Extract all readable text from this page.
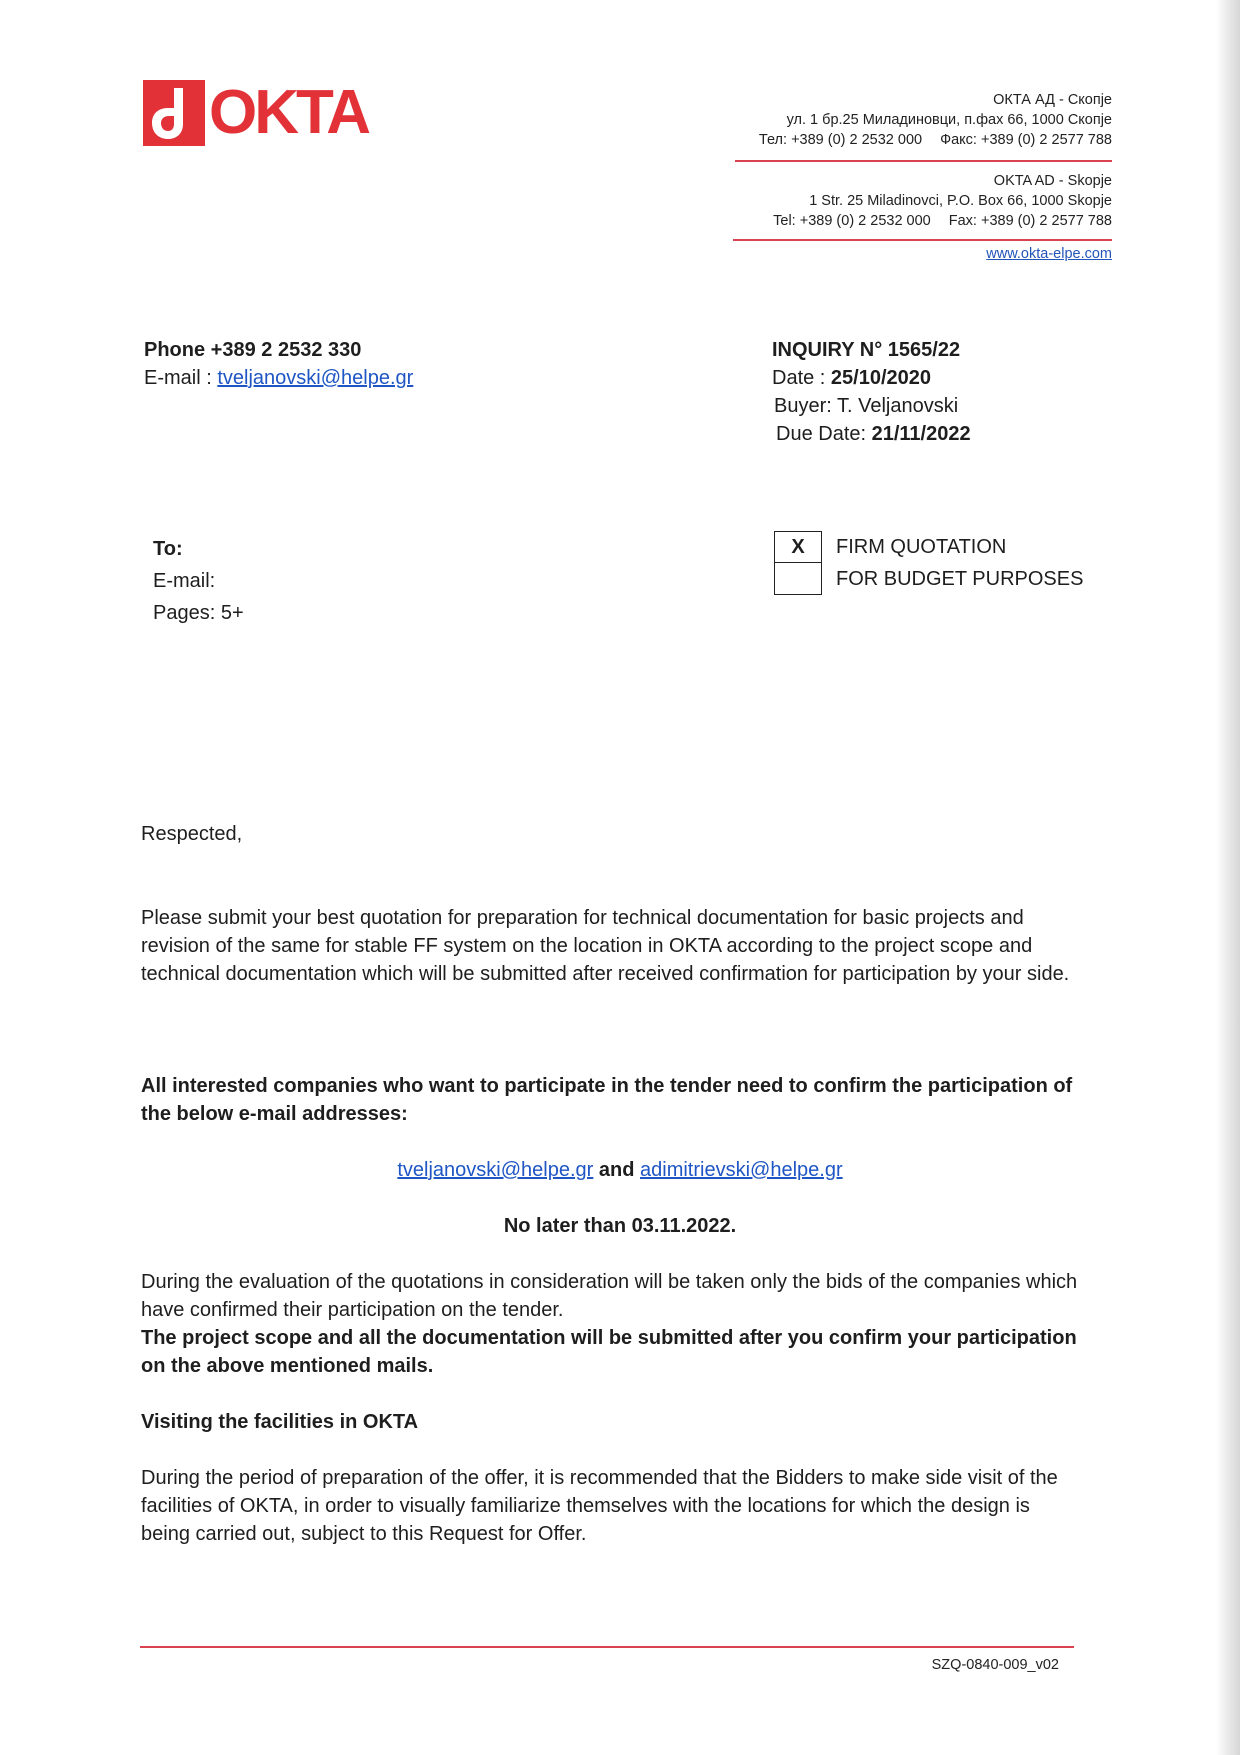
OKTA	ОКТА АД - Скопје
ул. 1 бр.25 Миладиновци, п.фах 66, 1000 Скопје
Тел: +389 (0) 2 2532 000 Факс: +389 (0) 2 2577 788
OKTA AD - Skopje
1 Str. 25 Miladinovci, P.O. Box 66, 1000 Skopje
Tel: +389 (0) 2 2532 000 Fax: +389 (0) 2 2577 788
www.okta-elpe.com
Phone +389 2 2532 330
E-mail : tveljanovski@helpe.gr
INQUIRY N° 1565/22
Date : 25/10/2020
Buyer: T. Veljanovski
Due Date: 21/11/2022
To:
E-mail:
Pages: 5+
X	FIRM QUOTATION
FOR BUDGET PURPOSES
Respected,
Please submit your best quotation for preparation for technical documentation for basic projects and revision of the same for stable FF system on the location in OKTA according to the project scope and technical documentation which will be submitted after received confirmation for participation by your side.
All interested companies who want to participate in the tender need to confirm the participation of the below e-mail addresses:
tveljanovski@helpe.gr and adimitrievski@helpe.gr
No later than 03.11.2022.
During the evaluation of the quotations in consideration will be taken only the bids of the companies which have confirmed their participation on the tender.
The project scope and all the documentation will be submitted after you confirm your participation on the above mentioned mails.
Visiting the facilities in OKTA
During the period of preparation of the offer, it is recommended that the Bidders to make side visit of the facilities of OKTA, in order to visually familiarize themselves with the locations for which the design is being carried out, subject to this Request for Offer.
SZQ-0840-009_v02
